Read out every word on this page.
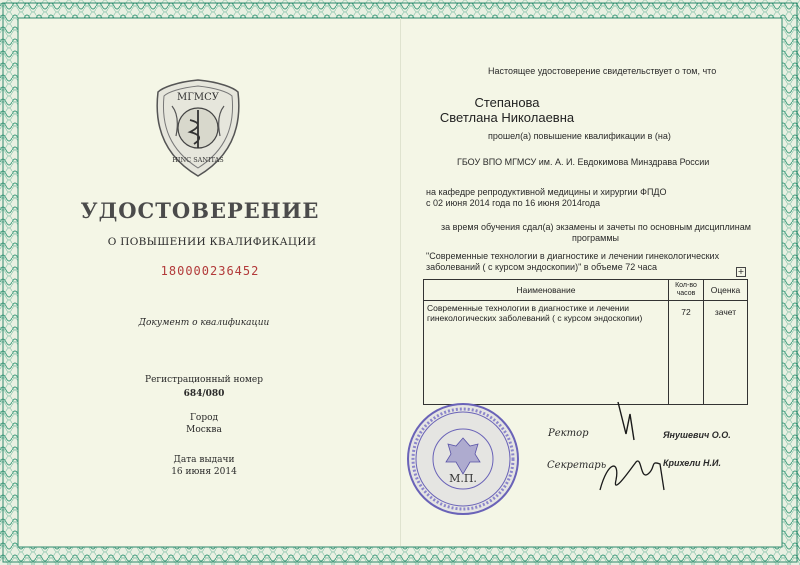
МГМСУ
HINC SANITAS
УДОСТОВЕРЕНИЕ
О ПОВЫШЕНИИ КВАЛИФИКАЦИИ
180000236452
Документ о квалификации
Регистрационный номер
684/080
Город
Москва
Дата выдачи
16 июня 2014
Настоящее удостоверение свидетельствует о том, что
Степанова
Светлана Николаевна
прошел(а) повышение квалификации в (на)
ГБОУ ВПО МГМСУ им. А. И. Евдокимова Минздрава России
на кафедре репродуктивной медицины и хирургии ФПДО
с 02 июня 2014 года по 16 июня 2014года
за время обучения сдал(а) экзамены и зачеты по основным дисциплинам
программы
"Современные технологии в диагностике и лечении гинекологических
заболеваний ( с курсом эндоскопии)" в объеме 72 часа	+
Наименование	Кол-во часов	Оценка

Современные технологии в диагностике и лечении
гинекологических заболеваний ( с курсом эндоскопии)	72	зачет
М.П.
Ректор	Янушевич О.О.
Секретарь	Крихели Н.И.
